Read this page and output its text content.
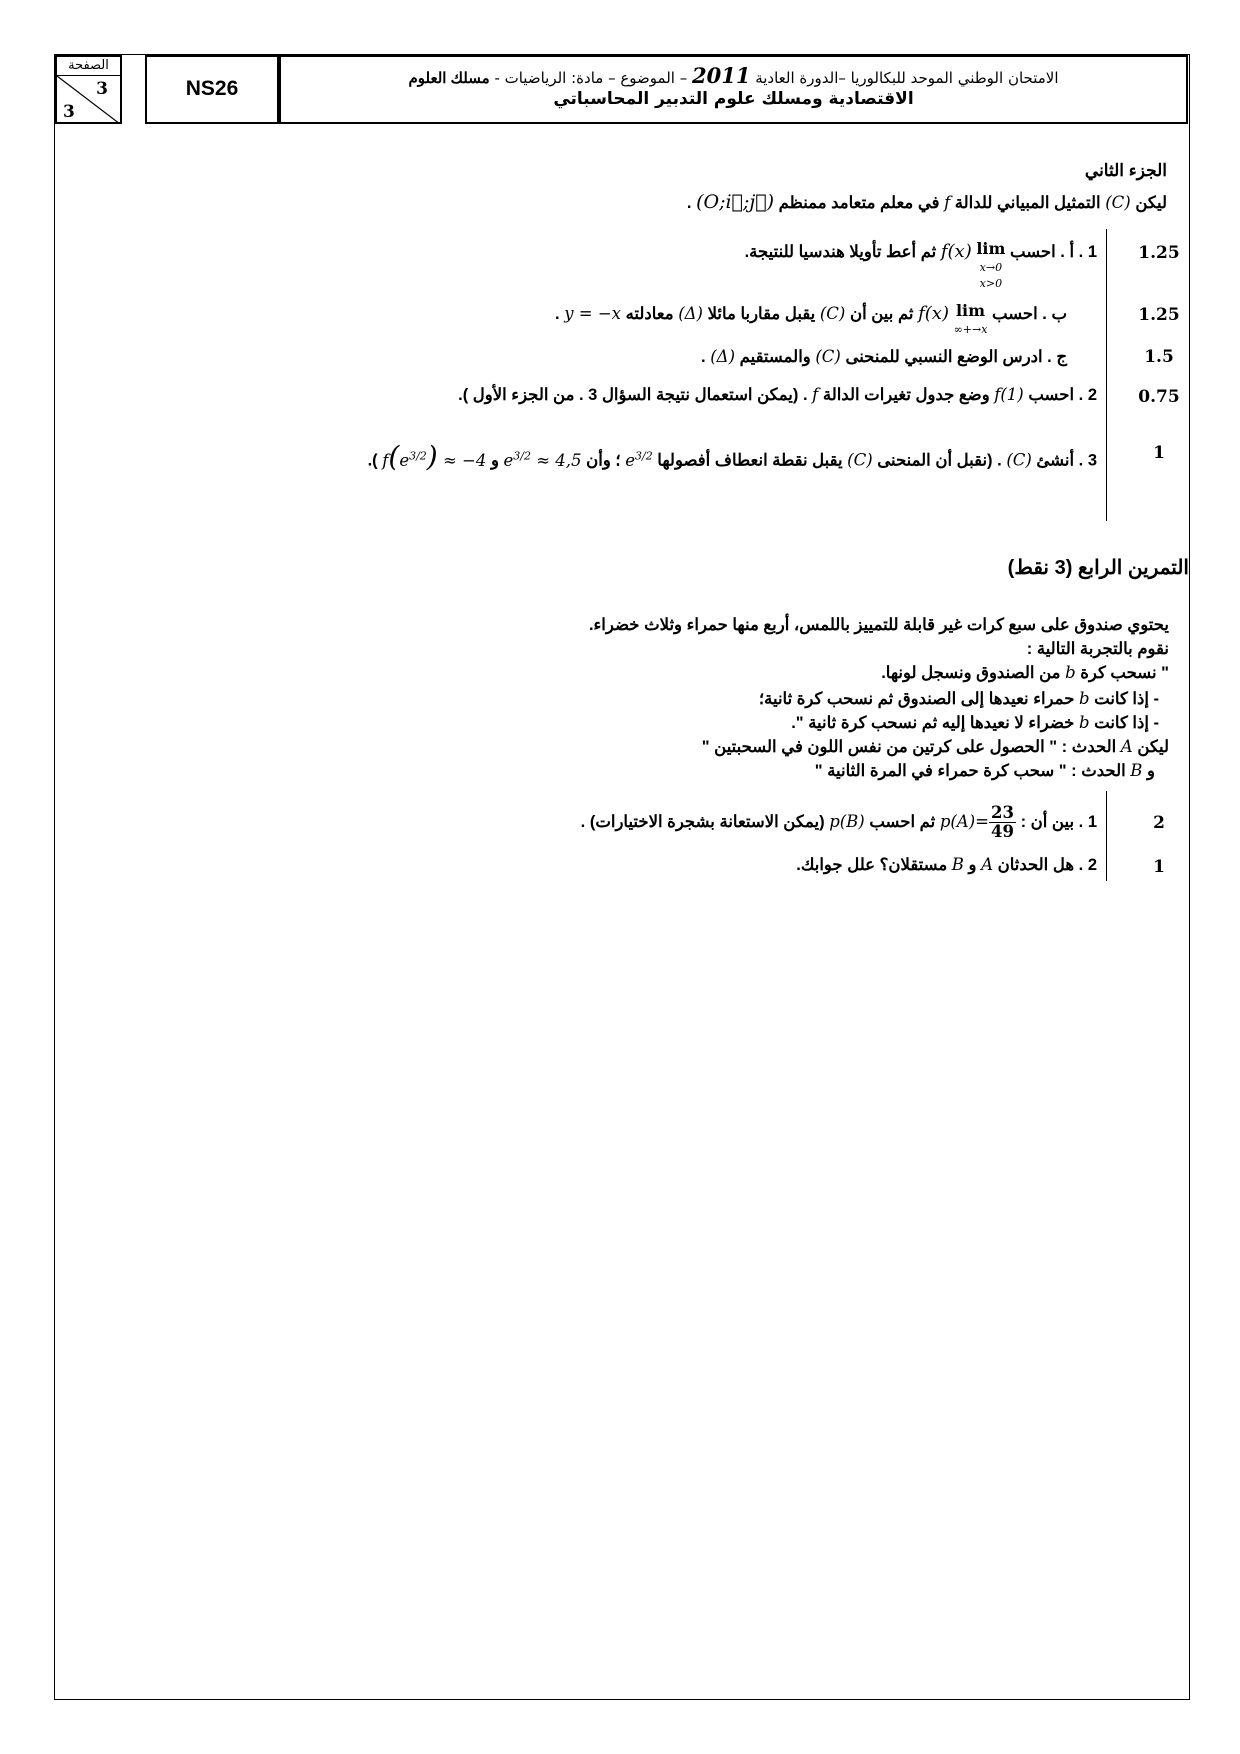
الصفحة
3
3
NS26	الامتحان الوطني الموحد للبكالوريا –الدورة العادية 2011 – الموضوع – مادة: الرياضيات - مسلك العلوم
الاقتصادية ومسلك علوم التدبير المحاسباتي
الجزء الثاني
ليكن (C) التمثيل المبياني للدالة f في معلم متعامد ممنظم (O;i⃗;j⃗) .
1.25
1 . أ . احسب lim
x→0
x>0 f(x) ثم أعط تأويلا هندسيا للنتيجة.
1.25
ب . احسب lim
x→+∞ f(x) ثم بين أن (C) يقبل مقاربا مائلا (Δ) معادلته y = −x .
1.5
ج . ادرس الوضع النسبي للمنحنى (C) والمستقيم (Δ) .
0.75
2 . احسب f(1) وضع جدول تغيرات الدالة f . (يمكن استعمال نتيجة السؤال 3 . من الجزء الأول ).
1
3 . أنشئ (C) . (نقبل أن المنحنى (C) يقبل نقطة انعطاف أفصولها $e^{3/2}$ ؛ وأن $e^{3/2} \approx 4,5$ و $f(e^{3/2}) \approx -4$ ).
التمرين الرابع (3 نقط)
يحتوي صندوق على سبع كرات غير قابلة للتمييز باللمس، أربع منها حمراء وثلاث خضراء.
نقوم بالتجربة التالية :
" نسحب كرة b من الصندوق ونسجل لونها.
- إذا كانت b حمراء نعيدها إلى الصندوق ثم نسحب كرة ثانية؛
- إذا كانت b خضراء لا نعيدها إليه ثم نسحب كرة ثانية ".
ليكن A الحدث : " الحصول على كرتين من نفس اللون في السحبتين "
و B الحدث : " سحب كرة حمراء في المرة الثانية "
2
1 . بين أن : $p(A)= \frac{23}{49}$
ثم احسب p(B) (يمكن الاستعانة بشجرة الاختيارات) .
1
2 . هل الحدثان A و B مستقلان؟ علل جوابك.
